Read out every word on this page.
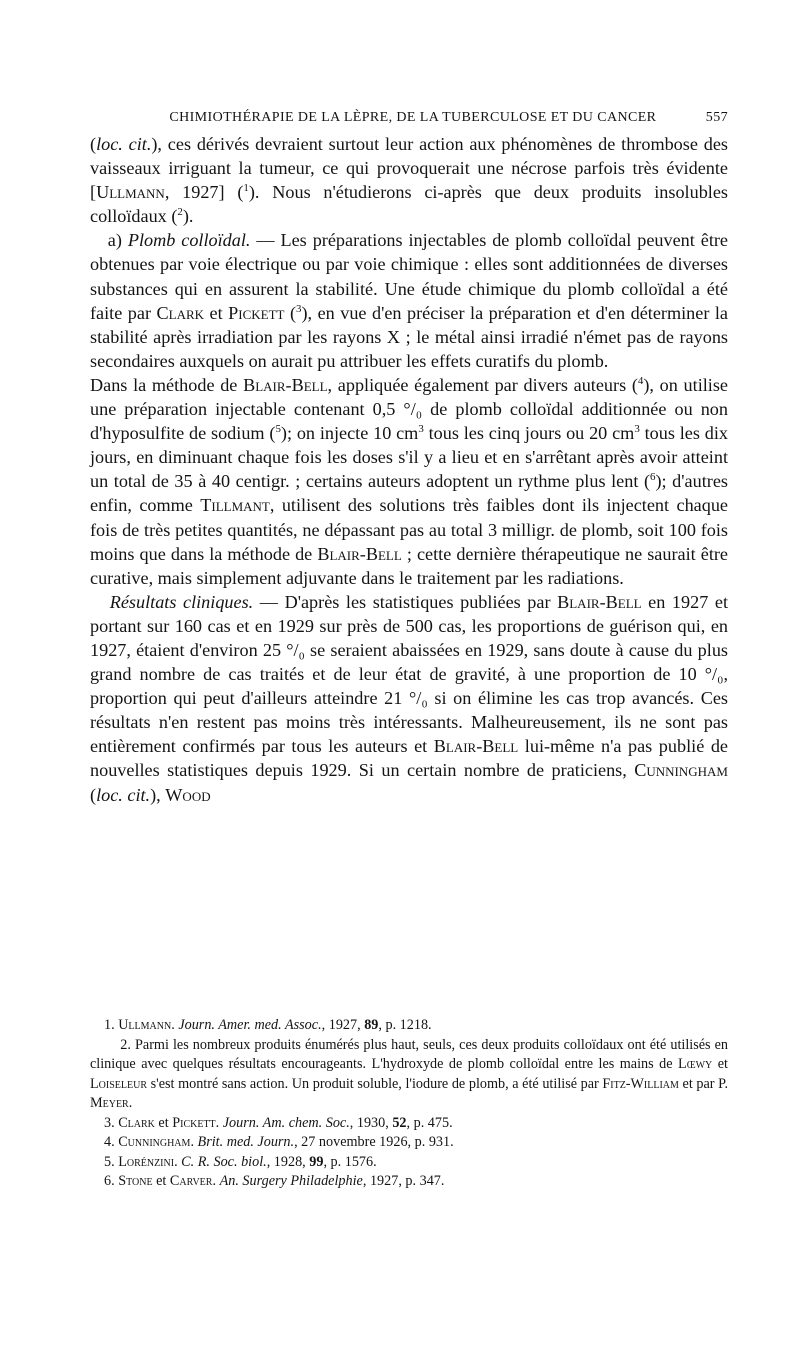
CHIMIOTHÉRAPIE DE LA LÈPRE, DE LA TUBERCULOSE ET DU CANCER	557

(loc. cit.), ces dérivés devraient surtout leur action aux phénomènes de thrombose des vaisseaux irriguant la tumeur, ce qui provoquerait une nécrose parfois très évidente [Ullmann, 1927] ($^1$). Nous n'étudierons ci-après que deux produits insolubles colloïdaux ($^2$).

a) Plomb colloïdal. — Les préparations injectables de plomb colloïdal peuvent être obtenues par voie électrique ou par voie chimique : elles sont additionnées de diverses substances qui en assurent la stabilité. Une étude chimique du plomb colloïdal a été faite par Clark et Pickett ($^3$), en vue d'en préciser la préparation et d'en déterminer la stabilité après irradiation par les rayons X ; le métal ainsi irradié n'émet pas de rayons secondaires auxquels on aurait pu attribuer les effets curatifs du plomb.

Dans la méthode de Blair-Bell, appliquée également par divers auteurs ($^4$), on utilise une préparation injectable contenant 0,5 °/₀ de plomb colloïdal additionnée ou non d'hyposulfite de sodium ($^5$); on injecte 10 $cm^3$ tous les cinq jours ou 20 $cm^3$ tous les dix jours, en diminuant chaque fois les doses s'il y a lieu et en s'arrêtant après avoir atteint un total de 35 à 40 centigr. ; certains auteurs adoptent un rythme plus lent ($^6$); d'autres enfin, comme Tillmant, utilisent des solutions très faibles dont ils injectent chaque fois de très petites quantités, ne dépassant pas au total 3 milligr. de plomb, soit 100 fois moins que dans la méthode de Blair-Bell ; cette dernière thérapeutique ne saurait être curative, mais simplement adjuvante dans le traitement par les radiations.

Résultats cliniques. — D'après les statistiques publiées par Blair-Bell en 1927 et portant sur 160 cas et en 1929 sur près de 500 cas, les proportions de guérison qui, en 1927, étaient d'environ 25 °/₀ se seraient abaissées en 1929, sans doute à cause du plus grand nombre de cas traités et de leur état de gravité, à une proportion de 10 °/₀, proportion qui peut d'ailleurs atteindre 21 °/₀ si on élimine les cas trop avancés. Ces résultats n'en restent pas moins très intéressants. Malheureusement, ils ne sont pas entièrement confirmés par tous les auteurs et Blair-Bell lui-même n'a pas publié de nouvelles statistiques depuis 1929. Si un certain nombre de praticiens, Cunningham (loc. cit.), Wood

1. Ullmann. Journ. Amer. med. Assoc., 1927, 89, p. 1218.

2. Parmi les nombreux produits énumérés plus haut, seuls, ces deux produits colloïdaux ont été utilisés en clinique avec quelques résultats encourageants. L'hydroxyde de plomb colloïdal entre les mains de Lœwy et Loiseleur s'est montré sans action. Un produit soluble, l'iodure de plomb, a été utilisé par Fitz-William et par P. Meyer.

3. Clark et Pickett. Journ. Am. chem. Soc., 1930, 52, p. 475.

4. Cunningham. Brit. med. Journ., 27 novembre 1926, p. 931.

5. Lorénzini. C. R. Soc. biol., 1928, 99, p. 1576.

6. Stone et Carver. An. Surgery Philadelphie, 1927, p. 347.
